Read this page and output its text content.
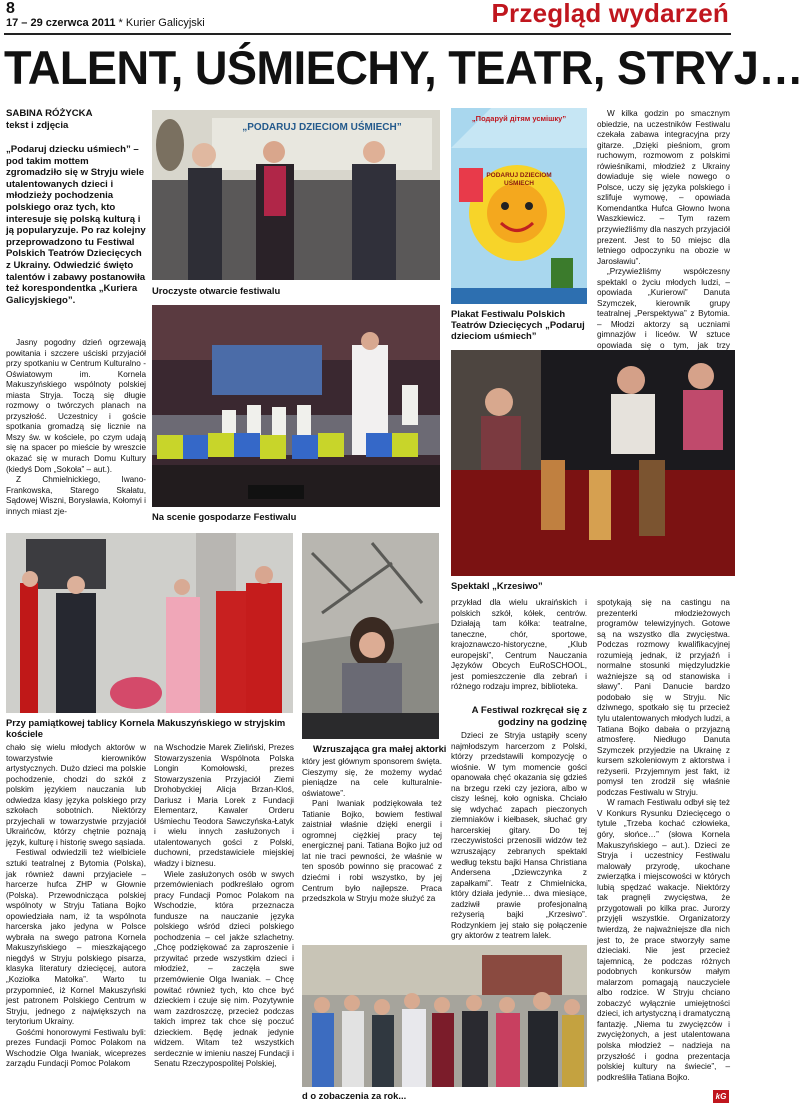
8
17 – 29 czerwca 2011 * Kurier Galicyjski	Przegląd wydarzeń
TALENT, UŚMIECHY, TEATR, STRYJ…
SABINA RÓŻYCKA
tekst i zdjęcia

„Podaruj dziecku uśmiech” – pod takim mottem zgromadziło się w Stryju wiele utalentowanych dzieci i młodzieży pochodzenia polskiego oraz tych, kto interesuje się polską kulturą i ją popularyzuje. Po raz kolejny przeprowadzono tu Festiwal Polskich Teatrów Dziecięcych z Ukrainy. Odwiedzić święto talentów i zabawy postanowiła też korespondentka „Kuriera Galicyjskiego”.

Jasny pogodny dzień ogrzewają powitania i szczere uściski przyjaciół przy spotkaniu w Centrum Kulturalno - Oświatowym im. Kornela Makuszyńskiego wspólnoty polskiej miasta Stryja. Toczą się długie rozmowy o twórczych planach na przyszłość. Uczestnicy i goście spotkania gromadzą się licznie na Mszy św. w kościele, po czym udają się na spacer po mieście by wreszcie okazać się w murach Domu Kultury (kiedyś Dom „Sokoła” – aut.).

Z Chmielnickiego, Iwano-Frankowska, Starego Skałatu, Sądowej Wiszni, Borysławia, Kołomyi i innych miast zje-

„PODARUJ DZIECIOM UŚMIECH”
Uroczyste otwarcie festiwalu
Na scenie gospodarze Festiwalu
„Подаруй дітям усмішку”
PODARUJ DZIECIOM UŚMIECH
Plakat Festiwalu Polskich Teatrów Dziecięcych „Podaruj dzieciom uśmiech”

W kilka godzin po smacznym obiedzie, na uczestników Festiwalu czekała zabawa integracyjna przy gitarze. „Dzięki pieśniom, grom ruchowym, rozmowom z polskimi rówieśnikami, młodzież z Ukrainy dowiaduje się wiele nowego o Polsce, uczy się języka polskiego i szlifuje wymowę, – opowiada Komendantka Hufca Głowno Iwona Waszkiewicz. – Tym razem przywieźliśmy dla naszych przyjaciół prezent. Jest to 50 miejsc dla letniego odpoczynku na obozie w Jarosławiu”.

„Przywieźliśmy współczesny spektakl o życiu młodych ludzi, – opowiada „Kurierowi” Danuta Szymczek, kierownik grupy teatralnej „Perspektywa” z Bytomia. – Młodzi aktorzy są uczniami gimnazjów i liceów. W sztuce opowiada się o tym, jak trzy

Spektakl „Krzesiwo”
Przy pamiątkowej tablicy Kornela Makuszyńskiego w stryjskim kościele
Wzruszająca gra małej aktorki

chało się wielu młodych aktorów w towarzystwie kierowników artystycznych. Dużo dzieci ma polskie pochodzenie, chodzi do szkół z polskim językiem nauczania lub odwiedza klasy języka polskiego przy szkołach sobotnich. Niektórzy przyjechali w towarzystwie przyjaciół Ukraińców, którzy chętnie poznają język, kulturę i historię swego sąsiada.

Festiwal odwiedzili też wielbiciele sztuki teatralnej z Bytomia (Polska), jak również dawni przyjaciele – harcerze hufca ZHP w Głownie (Polska). Przewodnicząca polskiej wspólnoty w Stryju Tatiana Bojko opowiedziała nam, iż ta wspólnota harcerska jako jedyna w Polsce wybrała na swego patrona Kornela Makuszyńskiego – mieszkającego niegdyś w Stryju polskiego pisarza, klasyka literatury dziecięcej, autora „Koziołka Matołka”. Warto tu przypomnieć, iż Kornel Makuszyński jest patronem Polskiego Centrum w Stryju, jednego z największych na terytorium Ukrainy.

Gośćmi honorowymi Festiwalu byli: prezes Fundacji Pomoc Polakom na Wschodzie Olga Iwaniak, wiceprezes zarządu Fundacji Pomoc Polakom

na Wschodzie Marek Zieliński, Prezes Stowarzyszenia Wspólnota Polska Longin Komołowski, prezes Stowarzyszenia Przyjaciół Ziemi Drohobyckiej Alicja Brzan-Kloś, Dariusz i Maria Lorek z Fundacji Elementarz, Kawaler Orderu Uśmiechu Teodora Sawczyńska-Łatyk i wielu innych zasłużonych i utalentowanych gości z Polski, duchowni, przedstawiciele miejskiej władzy i biznesu.

Wiele zasłużonych osób w swych przemówieniach podkreślało ogrom pracy Fundacji Pomoc Polakom na Wschodzie, która przeznacza fundusze na nauczanie języka polskiego wśród dzieci polskiego pochodzenia – cel jakże szlachetny. „Chcę podziękować za zaproszenie i przywitać przede wszystkim dzieci i młodzież, – zaczęła swe przemówienie Olga Iwaniak. – Chcę powitać również tych, kto chce być dzieckiem i czuje się nim. Pozytywnie wam zazdroszczę, przecież podczas takich imprez tak chce się poczuć dzieckiem. Będę jednak jedynie widzem. Witam też wszystkich serdecznie w imieniu naszej Fundacji i Senatu Rzeczypospolitej Polskiej,

który jest głównym sponsorem święta. Cieszymy się, że możemy wydać pieniądze na cele kulturalnie-oświatowe”.

Pani Iwaniak podziękowała też Tatianie Bojko, bowiem festiwal zaistniał właśnie dzięki energii i ogromnej ciężkiej pracy tej energicznej pani. Tatiana Bojko już od lat nie traci pewności, że właśnie w ten sposób powinno się pracować z dziećmi i robi wszystko, by jej Centrum było najlepsze. Praca przedszkola w Stryju może służyć za

przykład dla wielu ukraińskich i polskich szkół, kółek, centrów. Działają tam kółka: teatralne, taneczne, chór, sportowe, krajoznawczo-historyczne, „Klub europejski”, Centrum Nauczania Języków Obcych EuRoSCHOOL, jest pomieszczenie dla zebrań i różnego rodzaju imprez, biblioteka.

A Festiwal rozkręcał się z godziny na godzinę

Dzieci ze Stryja ustąpiły sceny najmłodszym harcerzom z Polski, którzy przedstawili kompozycję o wiośnie. W tym momencie gości opanowała chęć okazania się gdzieś na brzegu rzeki czy jeziora, albo w ciszy leśnej, koło ogniska. Chciało się wdychać zapach pieczonych ziemniaków i kiełbasek, słuchać gry harcerskiej gitary. Do tej rzeczywistości przenosili widzów też wzruszający zebranych spektakl według tekstu bajki Hansa Christiana Andersena „Dziewczynka z zapałkami”. Teatr z Chmielnicka, który działa jedynie… dwa miesiące, zadziwił prawie profesjonalną reżyserią bajki „Krzesiwo”. Rodzynkiem jej stało się połączenie gry aktorów z teatrem lalek.

spotykają się na castingu na prezenterki młodzieżowych programów telewizyjnych. Gotowe są na wszystko dla zwycięstwa. Podczas rozmowy kwalifikacyjnej rozumieją jednak, iż przyjaźń i normalne stosunki międzyludzkie ważniejsze są od stanowiska i sławy”. Pani Danucie bardzo podobało się w Stryju. Nic dziwnego, spotkało się tu przecież tylu utalentowanych młodych ludzi, a Tatiana Bojko dabała o przyjazną atmosferę. Niedługo Danuta Szymczek przyjedzie na Ukrainę z kursem szkoleniowym z aktorstwa i reżyserii. Przyjemnym jest fakt, iż pomysł ten zrodził się właśnie podczas Festiwalu w Stryju.

W ramach Festiwalu odbył się też V Konkurs Rysunku Dziecięcego o tytule „Trzeba kochać człowieka, góry, słońce…” (słowa Kornela Makuszyńskiego – aut.). Dzieci ze Stryja i uczestnicy Festiwalu malowały przyrodę, ukochane zwierzątka i miejscowości w których lubią spędzać wakacje. Niektórzy tak pragnęli zwycięstwa, że przygotowali po kilka prac. Jurorzy przyjęli wszystkie. Organizatorzy twierdzą, że najważniejsze dla nich jest to, że prace stworzyły same dzieciaki. Nie jest przecież tajemnicą, że podczas różnych podobnych konkursów małym malarzom pomagają nauczyciele albo rodzice. W Stryju chciano zobaczyć wyłącznie umiejętności dzieci, ich artystyczną i dramatyczną fantazję. „Niema tu zwycięzców i zwyciężonych, a jest utalentowana polska młodzież – nadzieja na przyszłość i godna prezentacja polskiej kultury na świecie”, – podkreśliła Tatiana Bojko.

d o zobaczenia za rok...	kG
